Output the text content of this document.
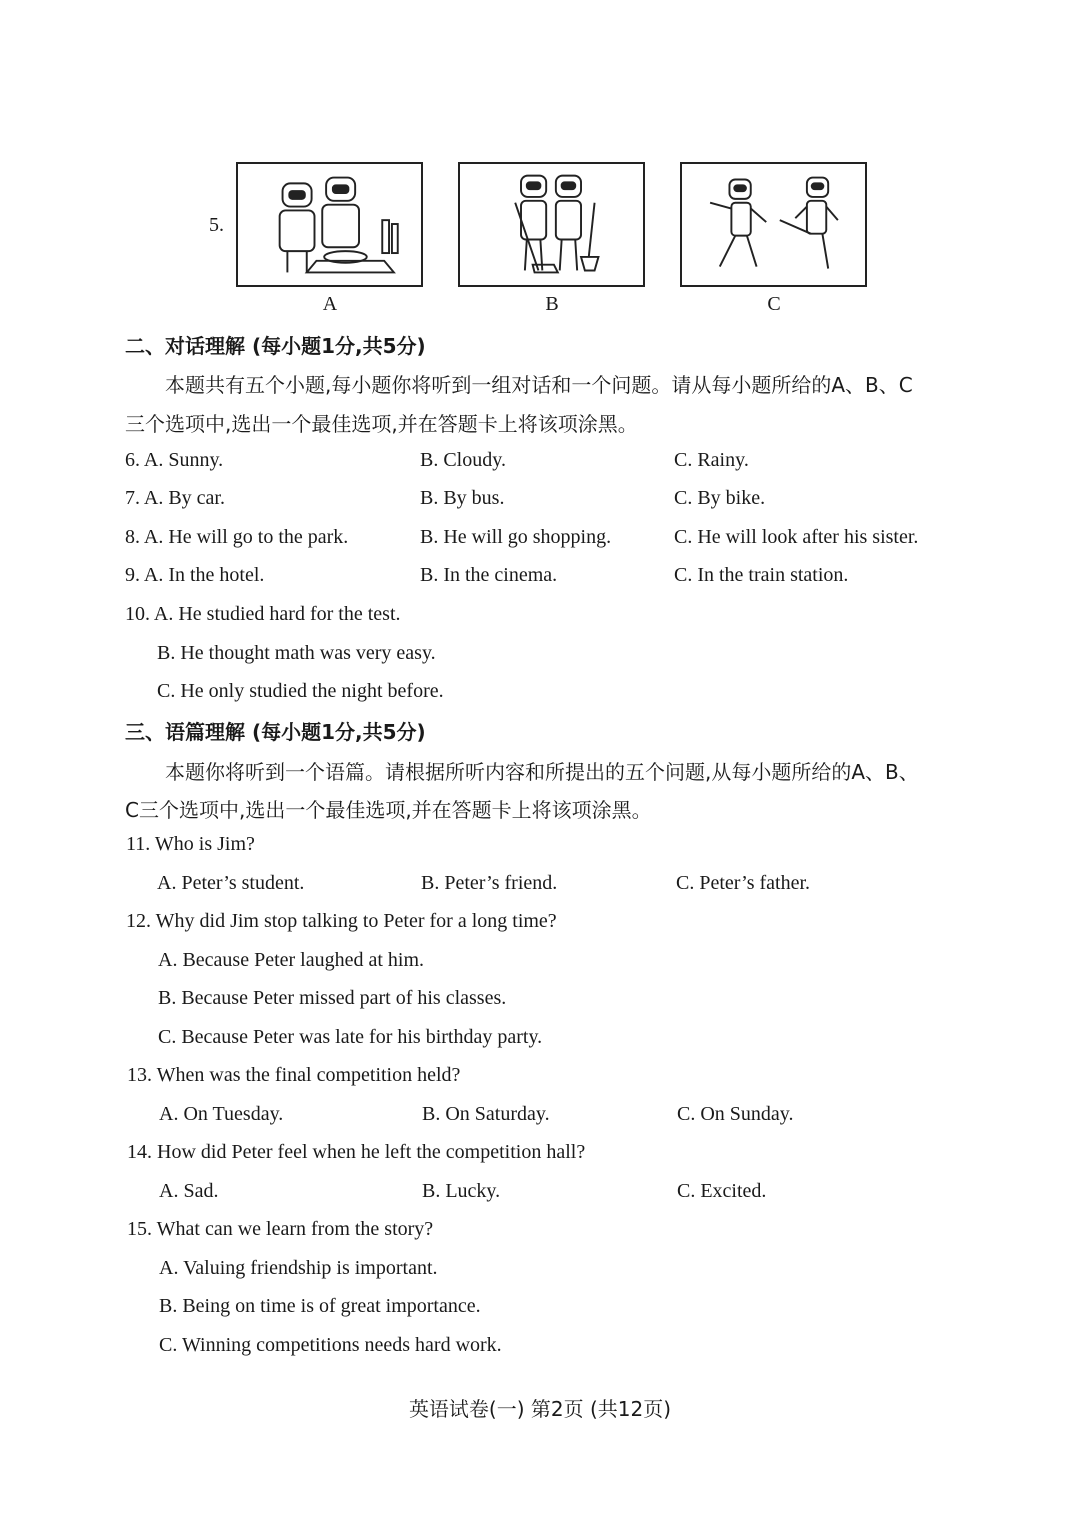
5.
A	B	C
二、对话理解 (每小题1分,共5分)
本题共有五个小题,每小题你将听到一组对话和一个问题。请从每小题所给的A、B、C
三个选项中,选出一个最佳选项,并在答题卡上将该项涂黑。
6. A. Sunny.	B. Cloudy.	C. Rainy.
7. A. By car.	B. By bus.	C. By bike.
8. A. He will go to the park.	B. He will go shopping.	C. He will look after his sister.
9. A. In the hotel.	B. In the cinema.	C. In the train station.
10. A. He studied hard for the test.
B. He thought math was very easy.
C. He only studied the night before.
三、语篇理解 (每小题1分,共5分)
本题你将听到一个语篇。请根据所听内容和所提出的五个问题,从每小题所给的A、B、
C三个选项中,选出一个最佳选项,并在答题卡上将该项涂黑。
11. Who is Jim?
A. Peter’s student.	B. Peter’s friend.	C. Peter’s father.
12. Why did Jim stop talking to Peter for a long time?
A. Because Peter laughed at him.
B. Because Peter missed part of his classes.
C. Because Peter was late for his birthday party.
13. When was the final competition held?
A. On Tuesday.	B. On Saturday.	C. On Sunday.
14. How did Peter feel when he left the competition hall?
A. Sad.	B. Lucky.	C. Excited.
15. What can we learn from the story?
A. Valuing friendship is important.
B. Being on time is of great importance.
C. Winning competitions needs hard work.
英语试卷(一) 第2页 (共12页)
